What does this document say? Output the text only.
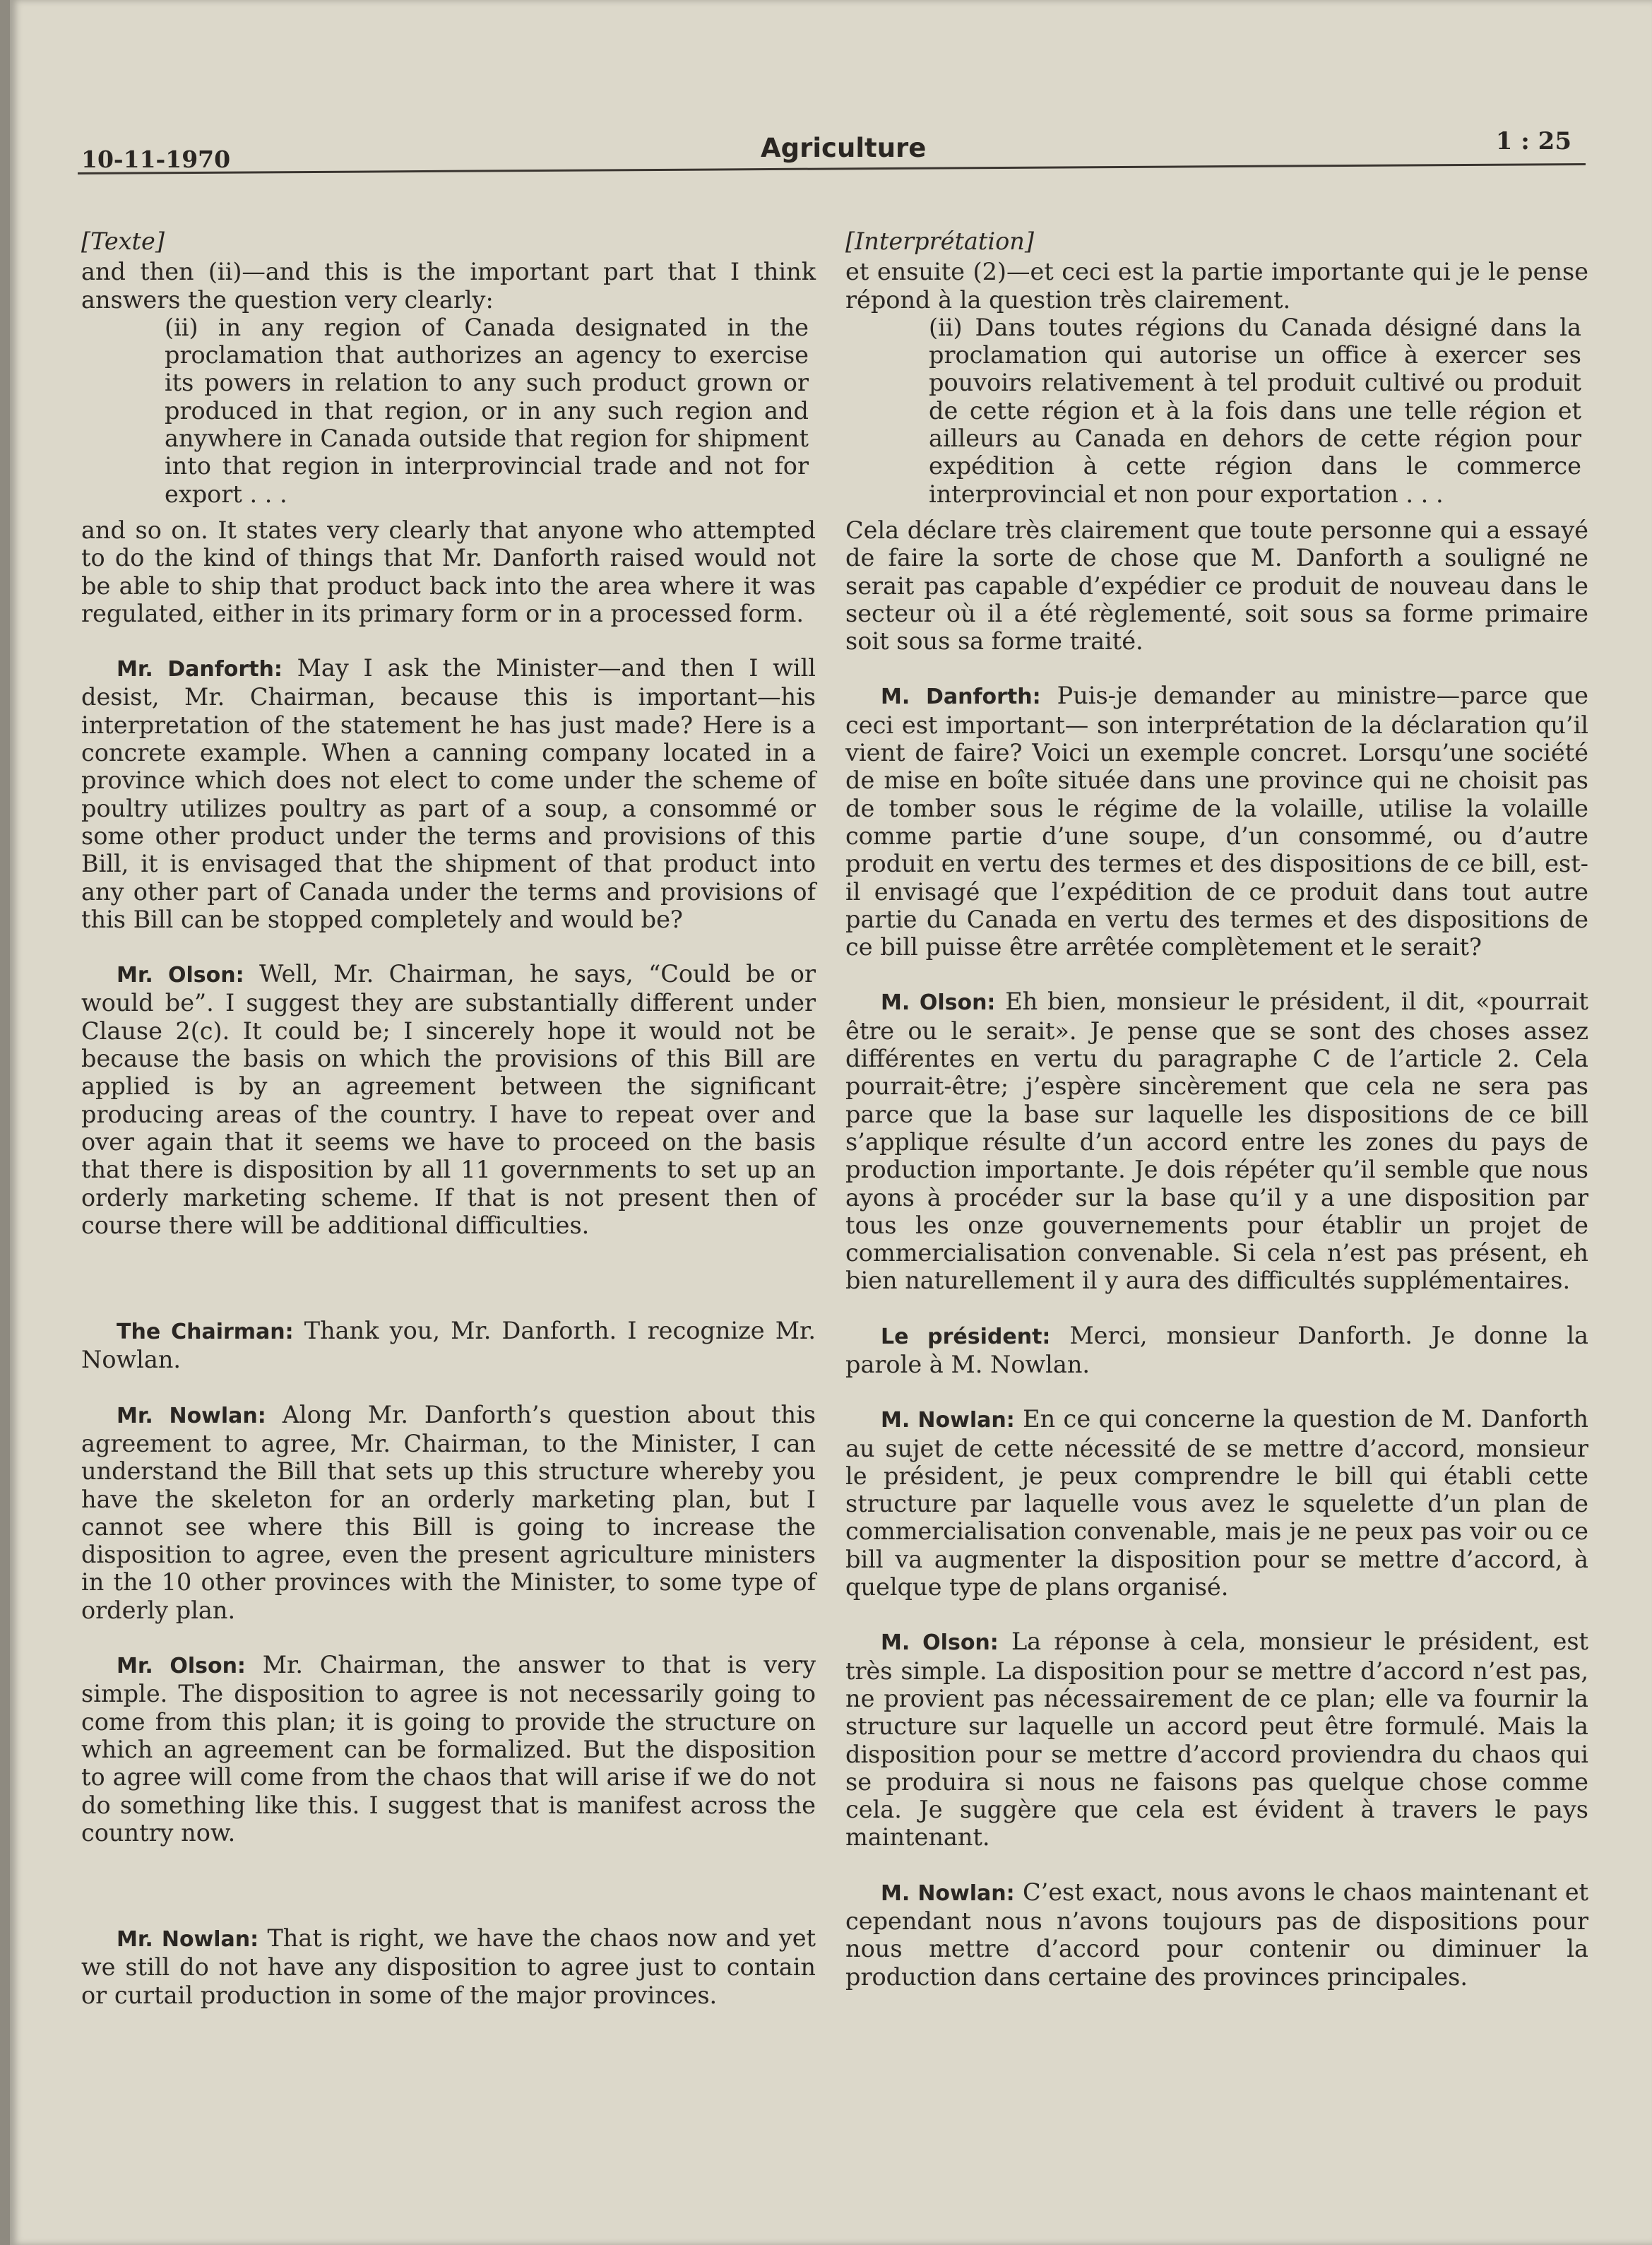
10-11-1970	Agriculture	1 : 25

[Texte]

and then (ii)—and this is the important part that I think answers the question very clearly:

(ii) in any region of Canada designated in the proclamation that authorizes an agency to exercise its powers in relation to any such product grown or produced in that region, or in any such region and anywhere in Canada outside that region for shipment into that region in interprovincial trade and not for export . . .

and so on. It states very clearly that anyone who attempted to do the kind of things that Mr. Danforth raised would not be able to ship that product back into the area where it was regulated, either in its primary form or in a processed form.

Mr. Danforth: May I ask the Minister—and then I will desist, Mr. Chairman, because this is important—his interpretation of the statement he has just made? Here is a concrete example. When a canning company located in a province which does not elect to come under the scheme of poultry utilizes poultry as part of a soup, a consommé or some other product under the terms and provisions of this Bill, it is envisaged that the shipment of that product into any other part of Canada under the terms and provisions of this Bill can be stopped completely and would be?

Mr. Olson: Well, Mr. Chairman, he says, “Could be or would be”. I suggest they are substantially different under Clause 2(c). It could be; I sincerely hope it would not be because the basis on which the provisions of this Bill are applied is by an agreement between the significant producing areas of the country. I have to repeat over and over again that it seems we have to proceed on the basis that there is disposition by all 11 governments to set up an orderly marketing scheme. If that is not present then of course there will be additional difficulties.

The Chairman: Thank you, Mr. Danforth. I recognize Mr. Nowlan.

Mr. Nowlan: Along Mr. Danforth’s question about this agreement to agree, Mr. Chairman, to the Minister, I can understand the Bill that sets up this structure whereby you have the skeleton for an orderly marketing plan, but I cannot see where this Bill is going to increase the disposition to agree, even the present agriculture ministers in the 10 other provinces with the Minister, to some type of orderly plan.

Mr. Olson: Mr. Chairman, the answer to that is very simple. The disposition to agree is not necessarily going to come from this plan; it is going to provide the structure on which an agreement can be formalized. But the disposition to agree will come from the chaos that will arise if we do not do something like this. I suggest that is manifest across the country now.

Mr. Nowlan: That is right, we have the chaos now and yet we still do not have any disposition to agree just to contain or curtail production in some of the major provinces.

[Interprétation]

et ensuite (2)—et ceci est la partie importante qui je le pense répond à la question très clairement.

(ii) Dans toutes régions du Canada désigné dans la proclamation qui autorise un office à exercer ses pouvoirs relativement à tel produit cultivé ou produit de cette région et à la fois dans une telle région et ailleurs au Canada en dehors de cette région pour expédition à cette région dans le commerce interprovincial et non pour exportation . . .

Cela déclare très clairement que toute personne qui a essayé de faire la sorte de chose que M. Danforth a souligné ne serait pas capable d’expédier ce produit de nouveau dans le secteur où il a été règlementé, soit sous sa forme primaire soit sous sa forme traité.

M. Danforth: Puis-je demander au ministre—parce que ceci est important— son interprétation de la déclaration qu’il vient de faire? Voici un exemple concret. Lorsqu’une société de mise en boîte située dans une province qui ne choisit pas de tomber sous le régime de la volaille, utilise la volaille comme partie d’une soupe, d’un consommé, ou d’autre produit en vertu des termes et des dispositions de ce bill, est-il envisagé que l’expédition de ce produit dans tout autre partie du Canada en vertu des termes et des dispositions de ce bill puisse être arrêtée complètement et le serait?

M. Olson: Eh bien, monsieur le président, il dit, «pourrait être ou le serait». Je pense que se sont des choses assez différentes en vertu du paragraphe C de l’article 2. Cela pourrait-être; j’espère sincèrement que cela ne sera pas parce que la base sur laquelle les dispositions de ce bill s’applique résulte d’un accord entre les zones du pays de production importante. Je dois répéter qu’il semble que nous ayons à procéder sur la base qu’il y a une disposition par tous les onze gouvernements pour établir un projet de commercialisation convenable. Si cela n’est pas présent, eh bien naturellement il y aura des difficultés supplémentaires.

Le président: Merci, monsieur Danforth. Je donne la parole à M. Nowlan.

M. Nowlan: En ce qui concerne la question de M. Danforth au sujet de cette nécessité de se mettre d’accord, monsieur le président, je peux comprendre le bill qui établi cette structure par laquelle vous avez le squelette d’un plan de commercialisation convenable, mais je ne peux pas voir ou ce bill va augmenter la disposition pour se mettre d’accord, à quelque type de plans organisé.

M. Olson: La réponse à cela, monsieur le président, est très simple. La disposition pour se mettre d’accord n’est pas, ne provient pas nécessairement de ce plan; elle va fournir la structure sur laquelle un accord peut être formulé. Mais la disposition pour se mettre d’accord proviendra du chaos qui se produira si nous ne faisons pas quelque chose comme cela. Je suggère que cela est évident à travers le pays maintenant.

M. Nowlan: C’est exact, nous avons le chaos maintenant et cependant nous n’avons toujours pas de dispositions pour nous mettre d’accord pour contenir ou diminuer la production dans certaine des provinces principales.
